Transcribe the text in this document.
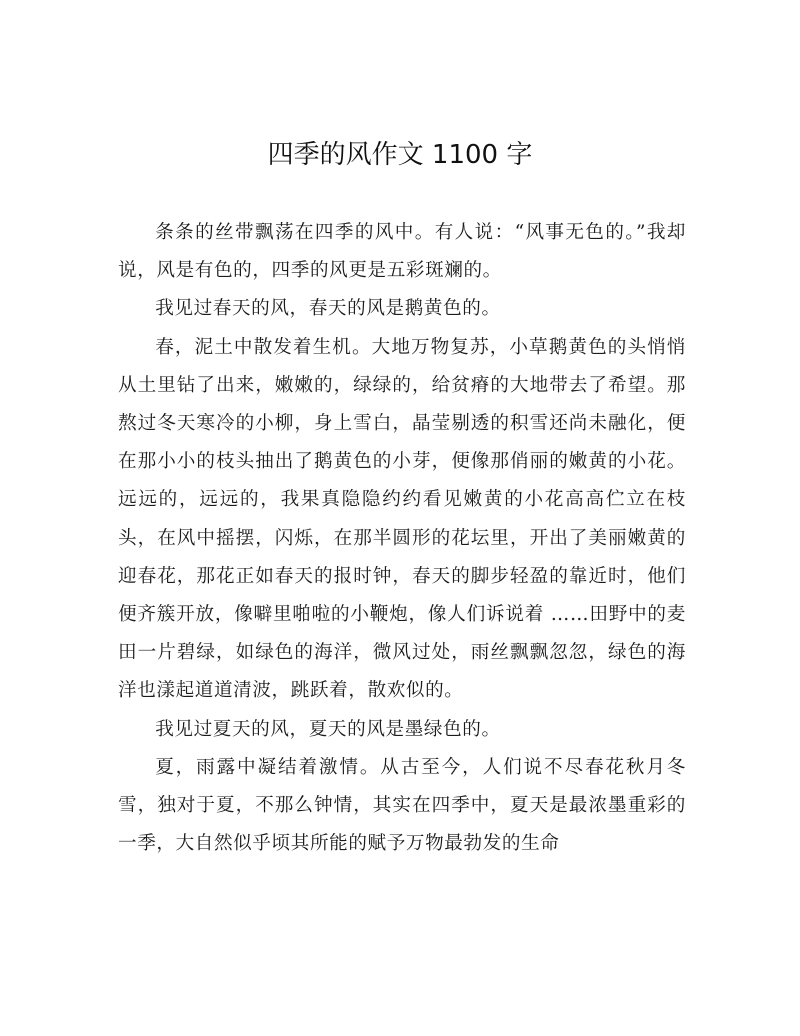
四季的风作文 1100 字

条条的丝带飘荡在四季的风中。有人说：“风事无色的。”我却说，风是有色的，四季的风更是五彩斑斓的。

我见过春天的风，春天的风是鹅黄色的。

春，泥土中散发着生机。大地万物复苏，小草鹅黄色的头悄悄从土里钻了出来，嫩嫩的，绿绿的，给贫瘠的大地带去了希望。那熬过冬天寒冷的小柳，身上雪白，晶莹剔透的积雪还尚未融化，便在那小小的枝头抽出了鹅黄色的小芽，便像那俏丽的嫩黄的小花。远远的，远远的，我果真隐隐约约看见嫩黄的小花高高伫立在枝头，在风中摇摆，闪烁，在那半圆形的花坛里，开出了美丽嫩黄的迎春花，那花正如春天的报时钟，春天的脚步轻盈的靠近时，他们便齐簇开放，像噼里啪啦的小鞭炮，像人们诉说着 ……田野中的麦田一片碧绿，如绿色的海洋，微风过处，雨丝飘飘忽忽，绿色的海洋也漾起道道清波，跳跃着，散欢似的。

我见过夏天的风，夏天的风是墨绿色的。

夏，雨露中凝结着激情。从古至今，人们说不尽春花秋月冬雪，独对于夏，不那么钟情，其实在四季中，夏天是最浓墨重彩的一季，大自然似乎顷其所能的赋予万物最勃发的生命
